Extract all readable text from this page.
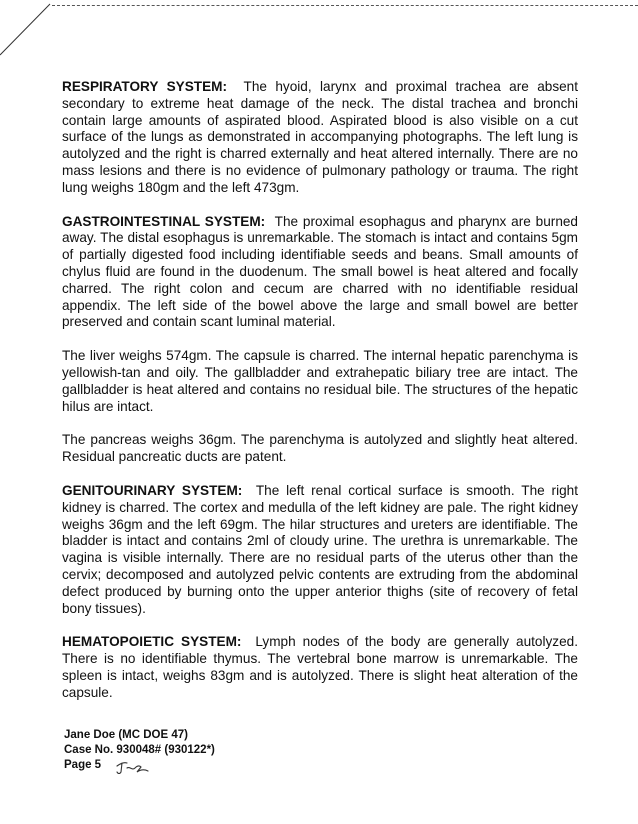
RESPIRATORY SYSTEM: The hyoid, larynx and proximal trachea are absent secondary to extreme heat damage of the neck. The distal trachea and bronchi contain large amounts of aspirated blood. Aspirated blood is also visible on a cut surface of the lungs as demonstrated in accompanying photographs. The left lung is autolyzed and the right is charred externally and heat altered internally. There are no mass lesions and there is no evidence of pulmonary pathology or trauma. The right lung weighs 180gm and the left 473gm.

GASTROINTESTINAL SYSTEM: The proximal esophagus and pharynx are burned away. The distal esophagus is unremarkable. The stomach is intact and contains 5gm of partially digested food including identifiable seeds and beans. Small amounts of chylus fluid are found in the duodenum. The small bowel is heat altered and focally charred. The right colon and cecum are charred with no identifiable residual appendix. The left side of the bowel above the large and small bowel are better preserved and contain scant luminal material.

The liver weighs 574gm. The capsule is charred. The internal hepatic parenchyma is yellowish-tan and oily. The gallbladder and extrahepatic biliary tree are intact. The gallbladder is heat altered and contains no residual bile. The structures of the hepatic hilus are intact.

The pancreas weighs 36gm. The parenchyma is autolyzed and slightly heat altered. Residual pancreatic ducts are patent.

GENITOURINARY SYSTEM: The left renal cortical surface is smooth. The right kidney is charred. The cortex and medulla of the left kidney are pale. The right kidney weighs 36gm and the left 69gm. The hilar structures and ureters are identifiable. The bladder is intact and contains 2ml of cloudy urine. The urethra is unremarkable. The vagina is visible internally. There are no residual parts of the uterus other than the cervix; decomposed and autolyzed pelvic contents are extruding from the abdominal defect produced by burning onto the upper anterior thighs (site of recovery of fetal bony tissues).

HEMATOPOIETIC SYSTEM: Lymph nodes of the body are generally autolyzed. There is no identifiable thymus. The vertebral bone marrow is unremarkable. The spleen is intact, weighs 83gm and is autolyzed. There is slight heat alteration of the capsule.

Jane Doe (MC DOE 47)
Case No. 930048# (930122*)
Page 5
